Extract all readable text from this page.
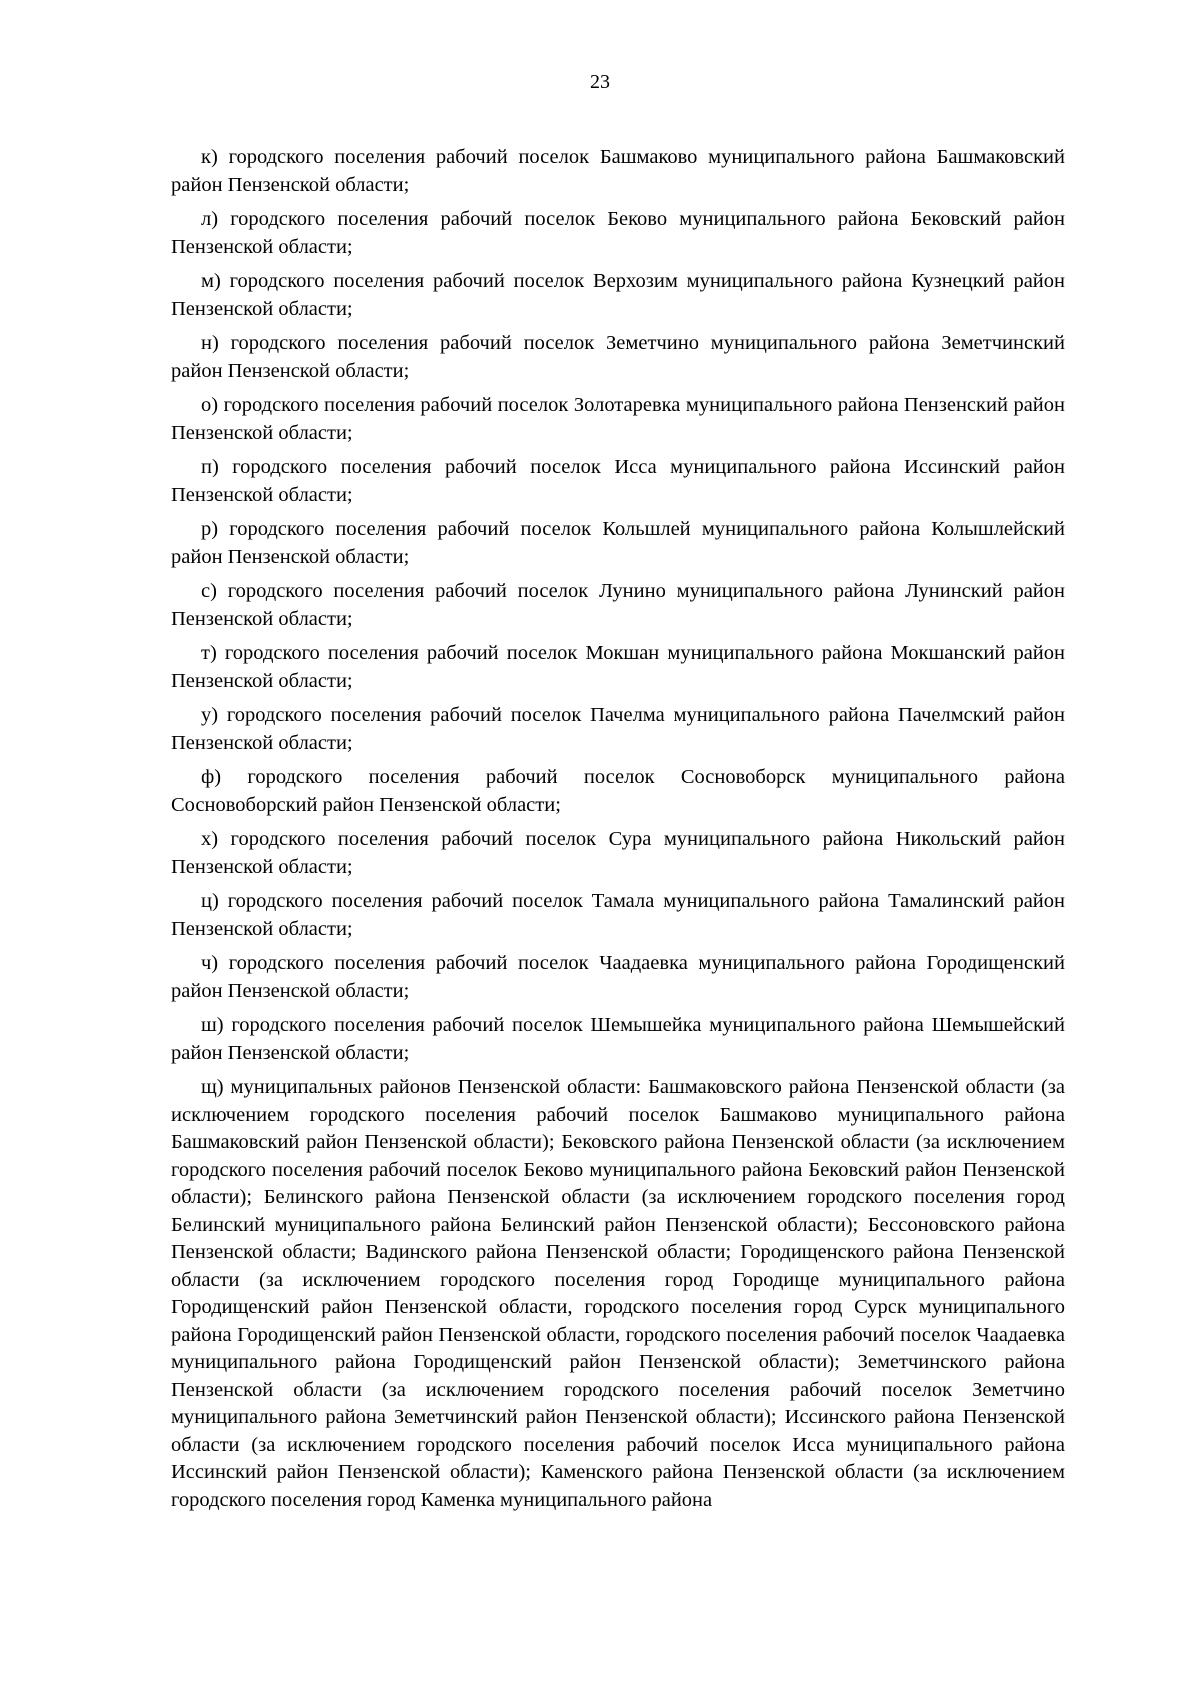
23

к) городского поселения рабочий поселок Башмаково муниципального района Башмаковский район Пензенской области;

л) городского поселения рабочий поселок Беково муниципального района Бековский район Пензенской области;

м) городского поселения рабочий поселок Верхозим муниципального района Кузнецкий район Пензенской области;

н) городского поселения рабочий поселок Земетчино муниципального района Земетчинский район Пензенской области;

о) городского поселения рабочий поселок Золотаревка муниципального района Пензенский район Пензенской области;

п) городского поселения рабочий поселок Исса муниципального района Иссинский район Пензенской области;

р) городского поселения рабочий поселок Кольшлей муниципального района Колышлейский район Пензенской области;

с) городского поселения рабочий поселок Лунино муниципального района Лунинский район Пензенской области;

т) городского поселения рабочий поселок Мокшан муниципального района Мокшанский район Пензенской области;

у) городского поселения рабочий поселок Пачелма муниципального района Пачелмский район Пензенской области;

ф) городского поселения рабочий поселок Сосновоборск муниципального района Сосновоборский район Пензенской области;

х) городского поселения рабочий поселок Сура муниципального района Никольский район Пензенской области;

ц) городского поселения рабочий поселок Тамала муниципального района Тамалинский район Пензенской области;

ч) городского поселения рабочий поселок Чаадаевка муниципального района Городищенский район Пензенской области;

ш) городского поселения рабочий поселок Шемышейка муниципального района Шемышейский район Пензенской области;

щ) муниципальных районов Пензенской области: Башмаковского района Пензенской области (за исключением городского поселения рабочий поселок Башмаково муниципального района Башмаковский район Пензенской области); Бековского района Пензенской области (за исключением городского поселения рабочий поселок Беково муниципального района Бековский район Пензенской области); Белинского района Пензенской области (за исключением городского поселения город Белинский муниципального района Белинский район Пензенской области); Бессоновского района Пензенской области; Вадинского района Пензенской области; Городищенского района Пензенской области (за исключением городского поселения город Городище муниципального района Городищенский район Пензенской области, городского поселения город Сурск муниципального района Городищенский район Пензенской области, городского поселения рабочий поселок Чаадаевка муниципального района Городищенский район Пензенской области); Земетчинского района Пензенской области (за исключением городского поселения рабочий поселок Земетчино муниципального района Земетчинский район Пензенской области); Иссинского района Пензенской области (за исключением городского поселения рабочий поселок Исса муниципального района Иссинский район Пензенской области); Каменского района Пензенской области (за исключением городского поселения город Каменка муниципального района
